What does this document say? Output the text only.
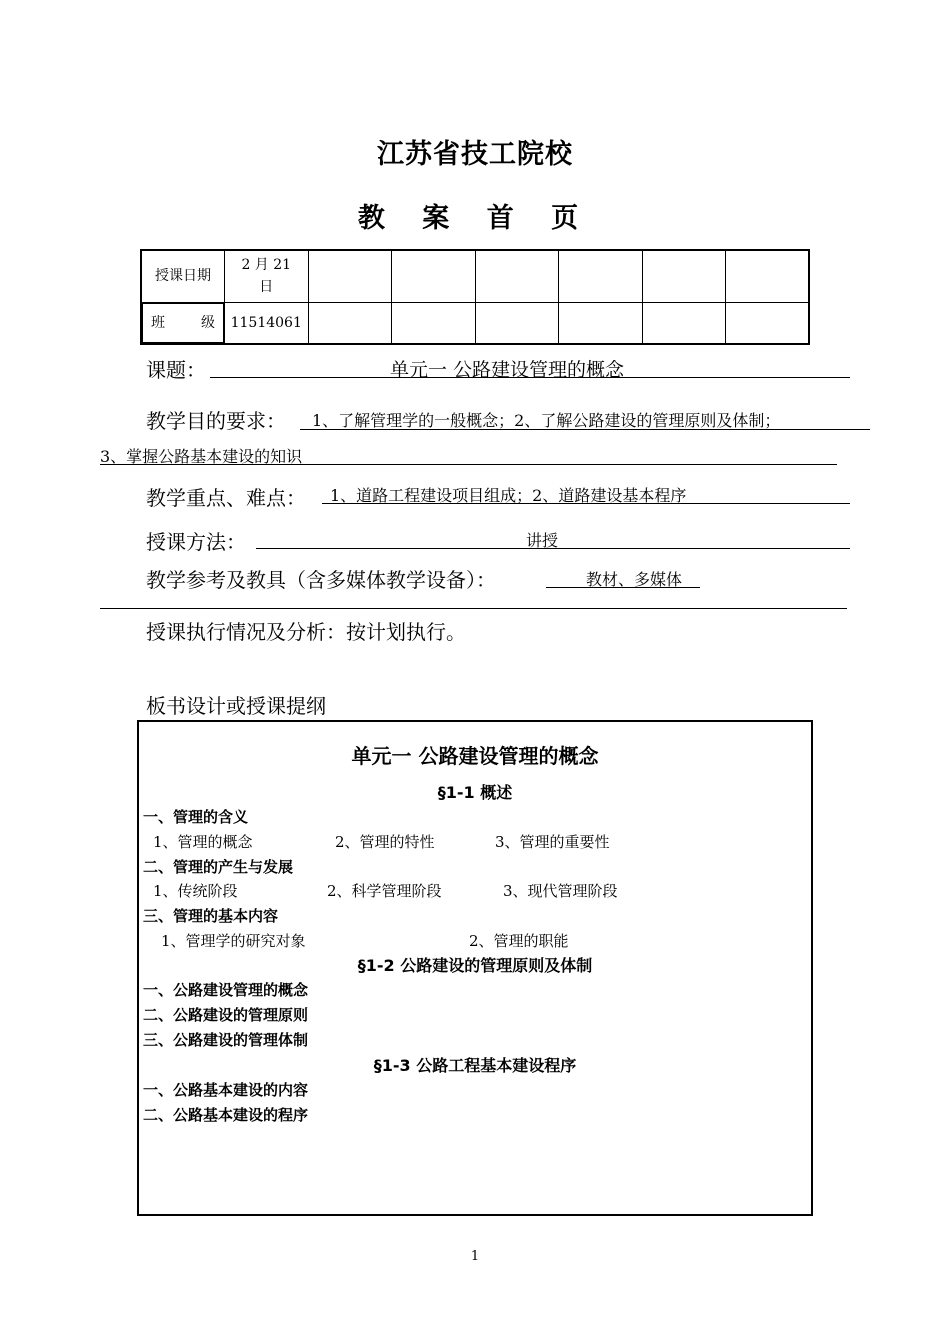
江苏省技工院校
教 案 首 页
授课日期	2 月 21
日						

班	级 11514061						
课题：	单元一 公路建设管理的概念
教学目的要求： 1、了解管理学的一般概念；2、了解公路建设的管理原则及体制；
3、掌握公路基本建设的知识
教学重点、难点： 1、道路工程建设项目组成；2、道路建设基本程序
授课方法：	讲授
教学参考及教具（含多媒体教学设备）：	教材、多媒体
授课执行情况及分析：按计划执行。
板书设计或授课提纲
单元一 公路建设管理的概念
§1-1 概述
一、管理的含义
1、管理的概念	2、管理的特性	3、管理的重要性
二、管理的产生与发展
1、传统阶段	2、科学管理阶段	3、现代管理阶段
三、管理的基本内容
1、管理学的研究对象	2、管理的职能
§1-2 公路建设的管理原则及体制
一、公路建设管理的概念
二、公路建设的管理原则
三、公路建设的管理体制
§1-3 公路工程基本建设程序
一、公路基本建设的内容
二、公路基本建设的程序
1
